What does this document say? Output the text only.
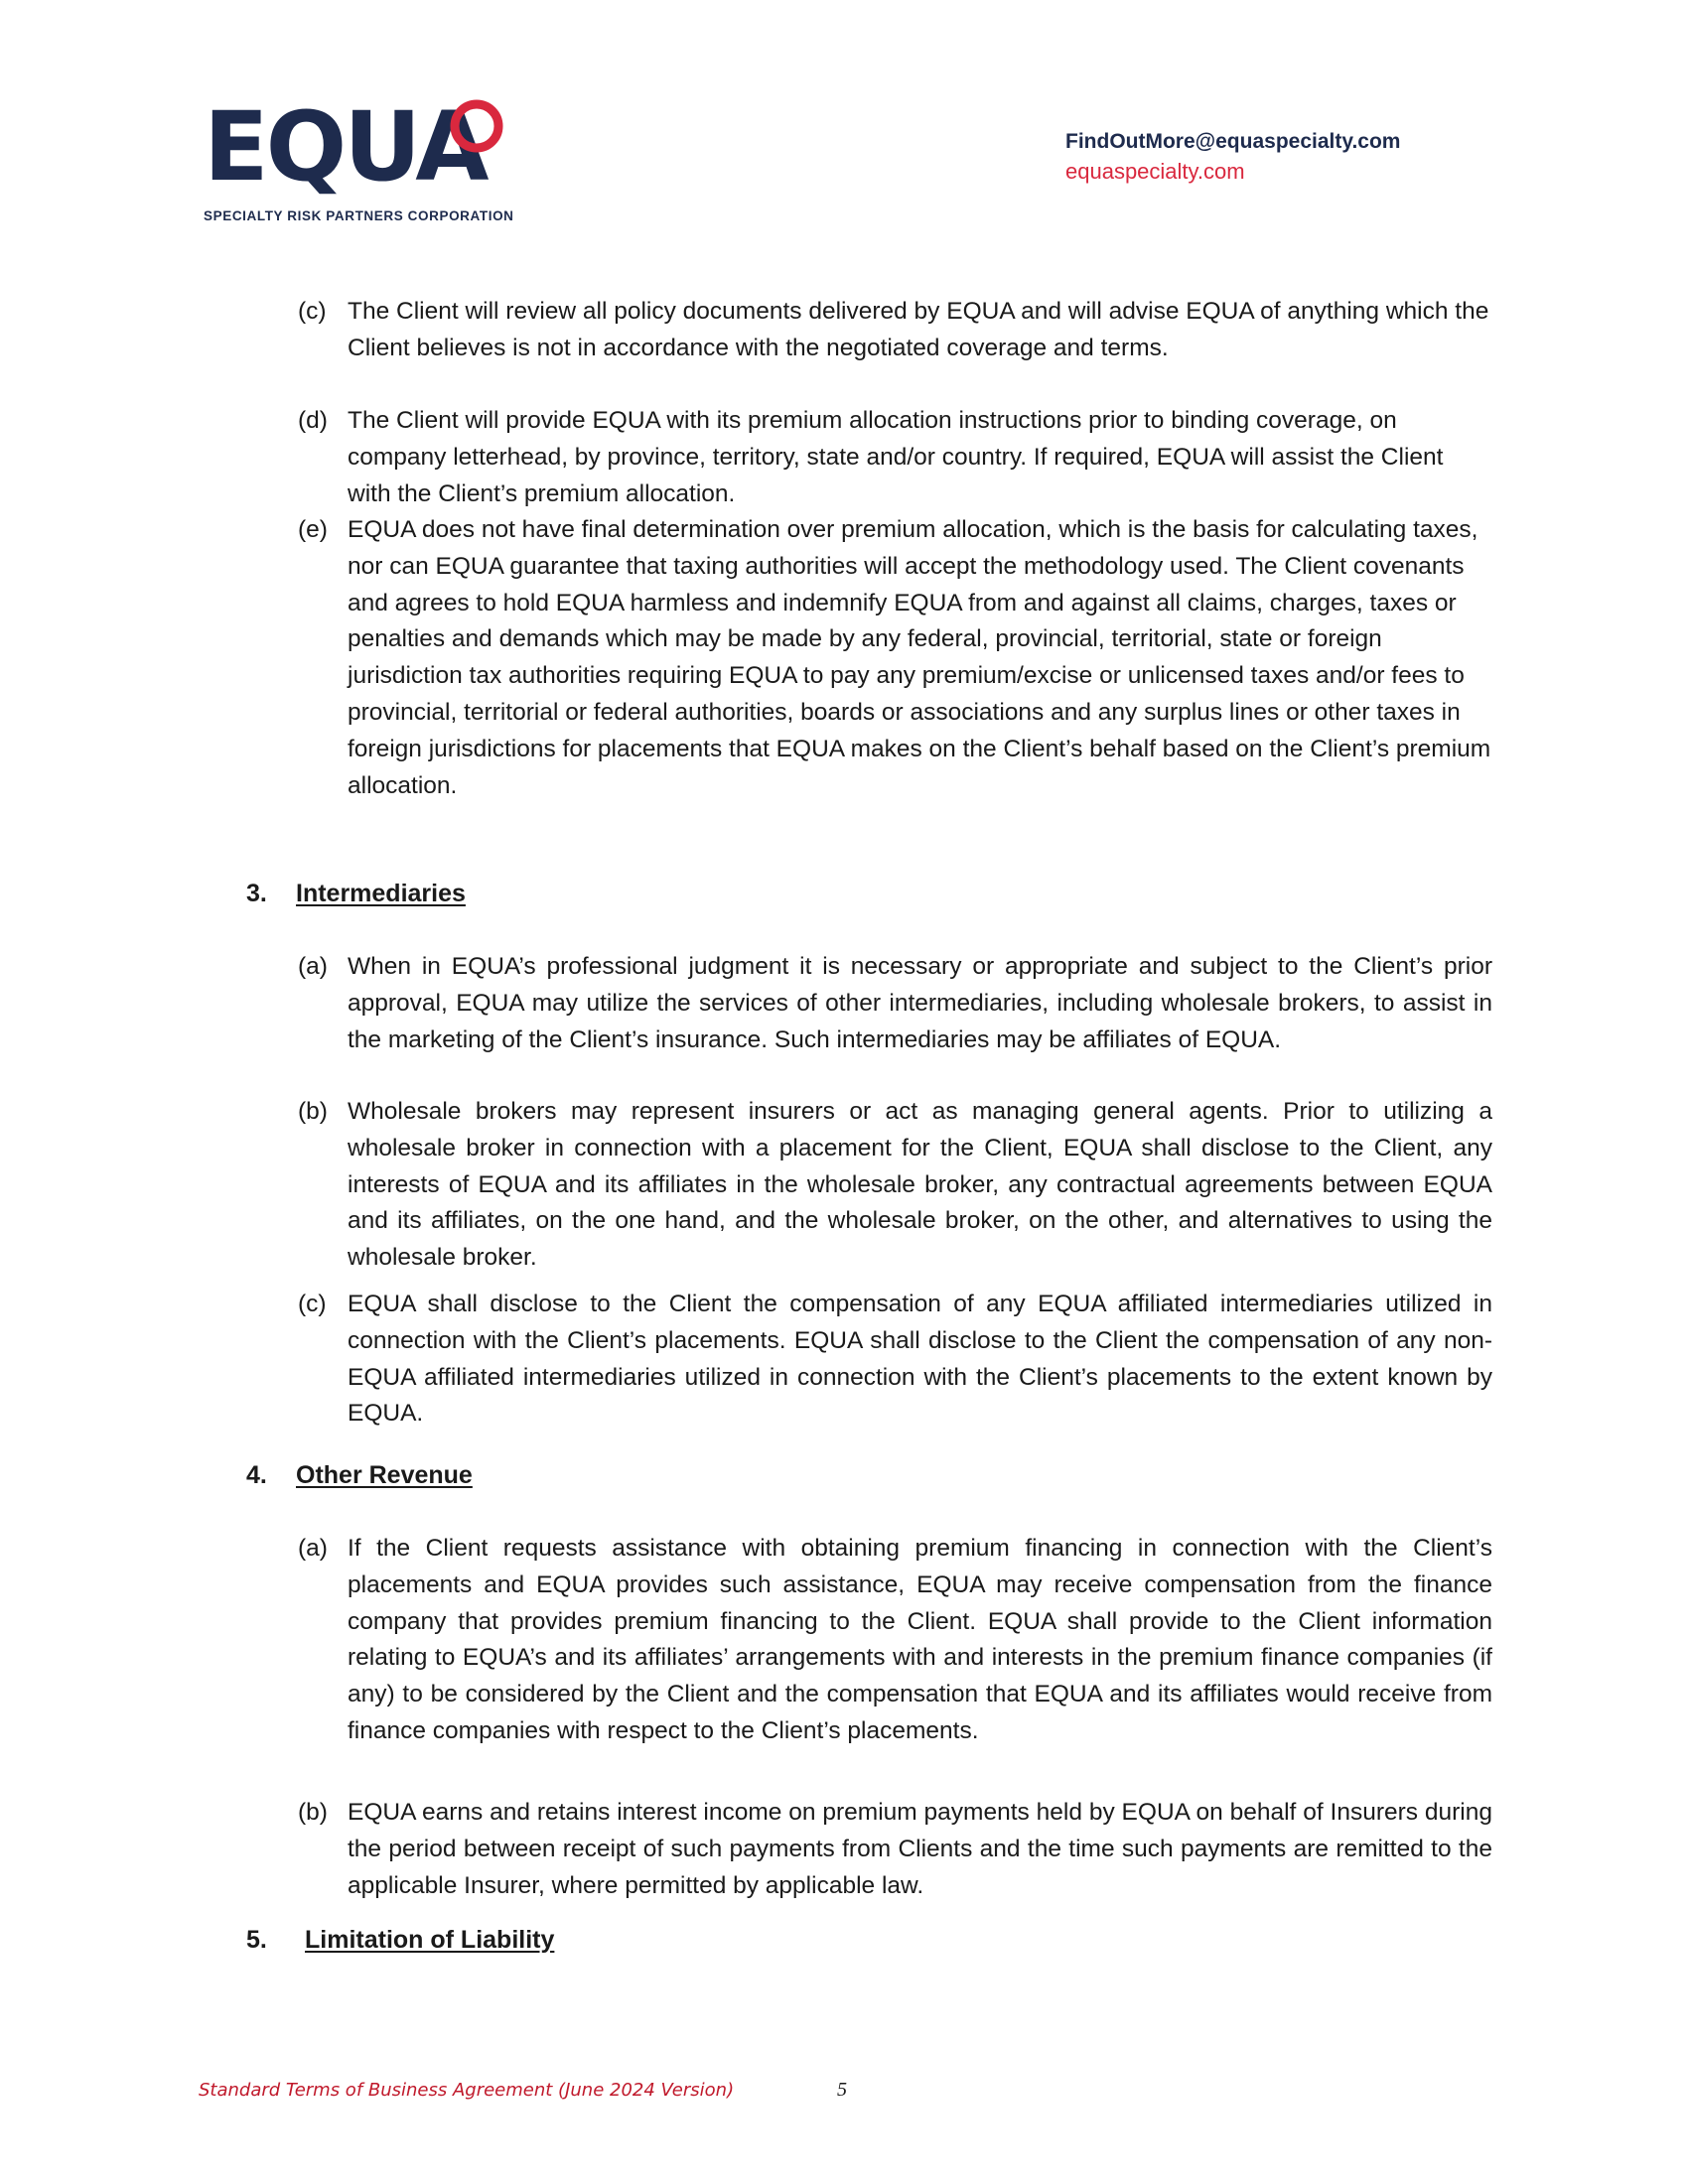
EQUA
SPECIALTY RISK PARTNERS CORPORATION
FindOutMore@equaspecialty.com
equaspecialty.com
(c) The Client will review all policy documents delivered by EQUA and will advise EQUA of anything which the Client believes is not in accordance with the negotiated coverage and terms.
(d) The Client will provide EQUA with its premium allocation instructions prior to binding coverage, on company letterhead, by province, territory, state and/or country. If required, EQUA will assist the Client with the Client’s premium allocation.
(e) EQUA does not have final determination over premium allocation, which is the basis for calculating taxes, nor can EQUA guarantee that taxing authorities will accept the methodology used. The Client covenants and agrees to hold EQUA harmless and indemnify EQUA from and against all claims, charges, taxes or penalties and demands which may be made by any federal, provincial, territorial, state or foreign jurisdiction tax authorities requiring EQUA to pay any premium/excise or unlicensed taxes and/or fees to provincial, territorial or federal authorities, boards or associations and any surplus lines or other taxes in foreign jurisdictions for placements that EQUA makes on the Client’s behalf based on the Client’s premium allocation.
3. Intermediaries
(a) When in EQUA’s professional judgment it is necessary or appropriate and subject to the Client’s prior approval, EQUA may utilize the services of other intermediaries, including wholesale brokers, to assist in the marketing of the Client’s insurance. Such intermediaries may be affiliates of EQUA.
(b) Wholesale brokers may represent insurers or act as managing general agents. Prior to utilizing a wholesale broker in connection with a placement for the Client, EQUA shall disclose to the Client, any interests of EQUA and its affiliates in the wholesale broker, any contractual agreements between EQUA and its affiliates, on the one hand, and the wholesale broker, on the other, and alternatives to using the wholesale broker.
(c) EQUA shall disclose to the Client the compensation of any EQUA affiliated intermediaries utilized in connection with the Client’s placements. EQUA shall disclose to the Client the compensation of any non-EQUA affiliated intermediaries utilized in connection with the Client’s placements to the extent known by EQUA.
4. Other Revenue
(a) If the Client requests assistance with obtaining premium financing in connection with the Client’s placements and EQUA provides such assistance, EQUA may receive compensation from the finance company that provides premium financing to the Client. EQUA shall provide to the Client information relating to EQUA’s and its affiliates’ arrangements with and interests in the premium finance companies (if any) to be considered by the Client and the compensation that EQUA and its affiliates would receive from finance companies with respect to the Client’s placements.
(b) EQUA earns and retains interest income on premium payments held by EQUA on behalf of Insurers during the period between receipt of such payments from Clients and the time such payments are remitted to the applicable Insurer, where permitted by applicable law.
5. Limitation of Liability
Standard Terms of Business Agreement (June 2024 Version)	5
